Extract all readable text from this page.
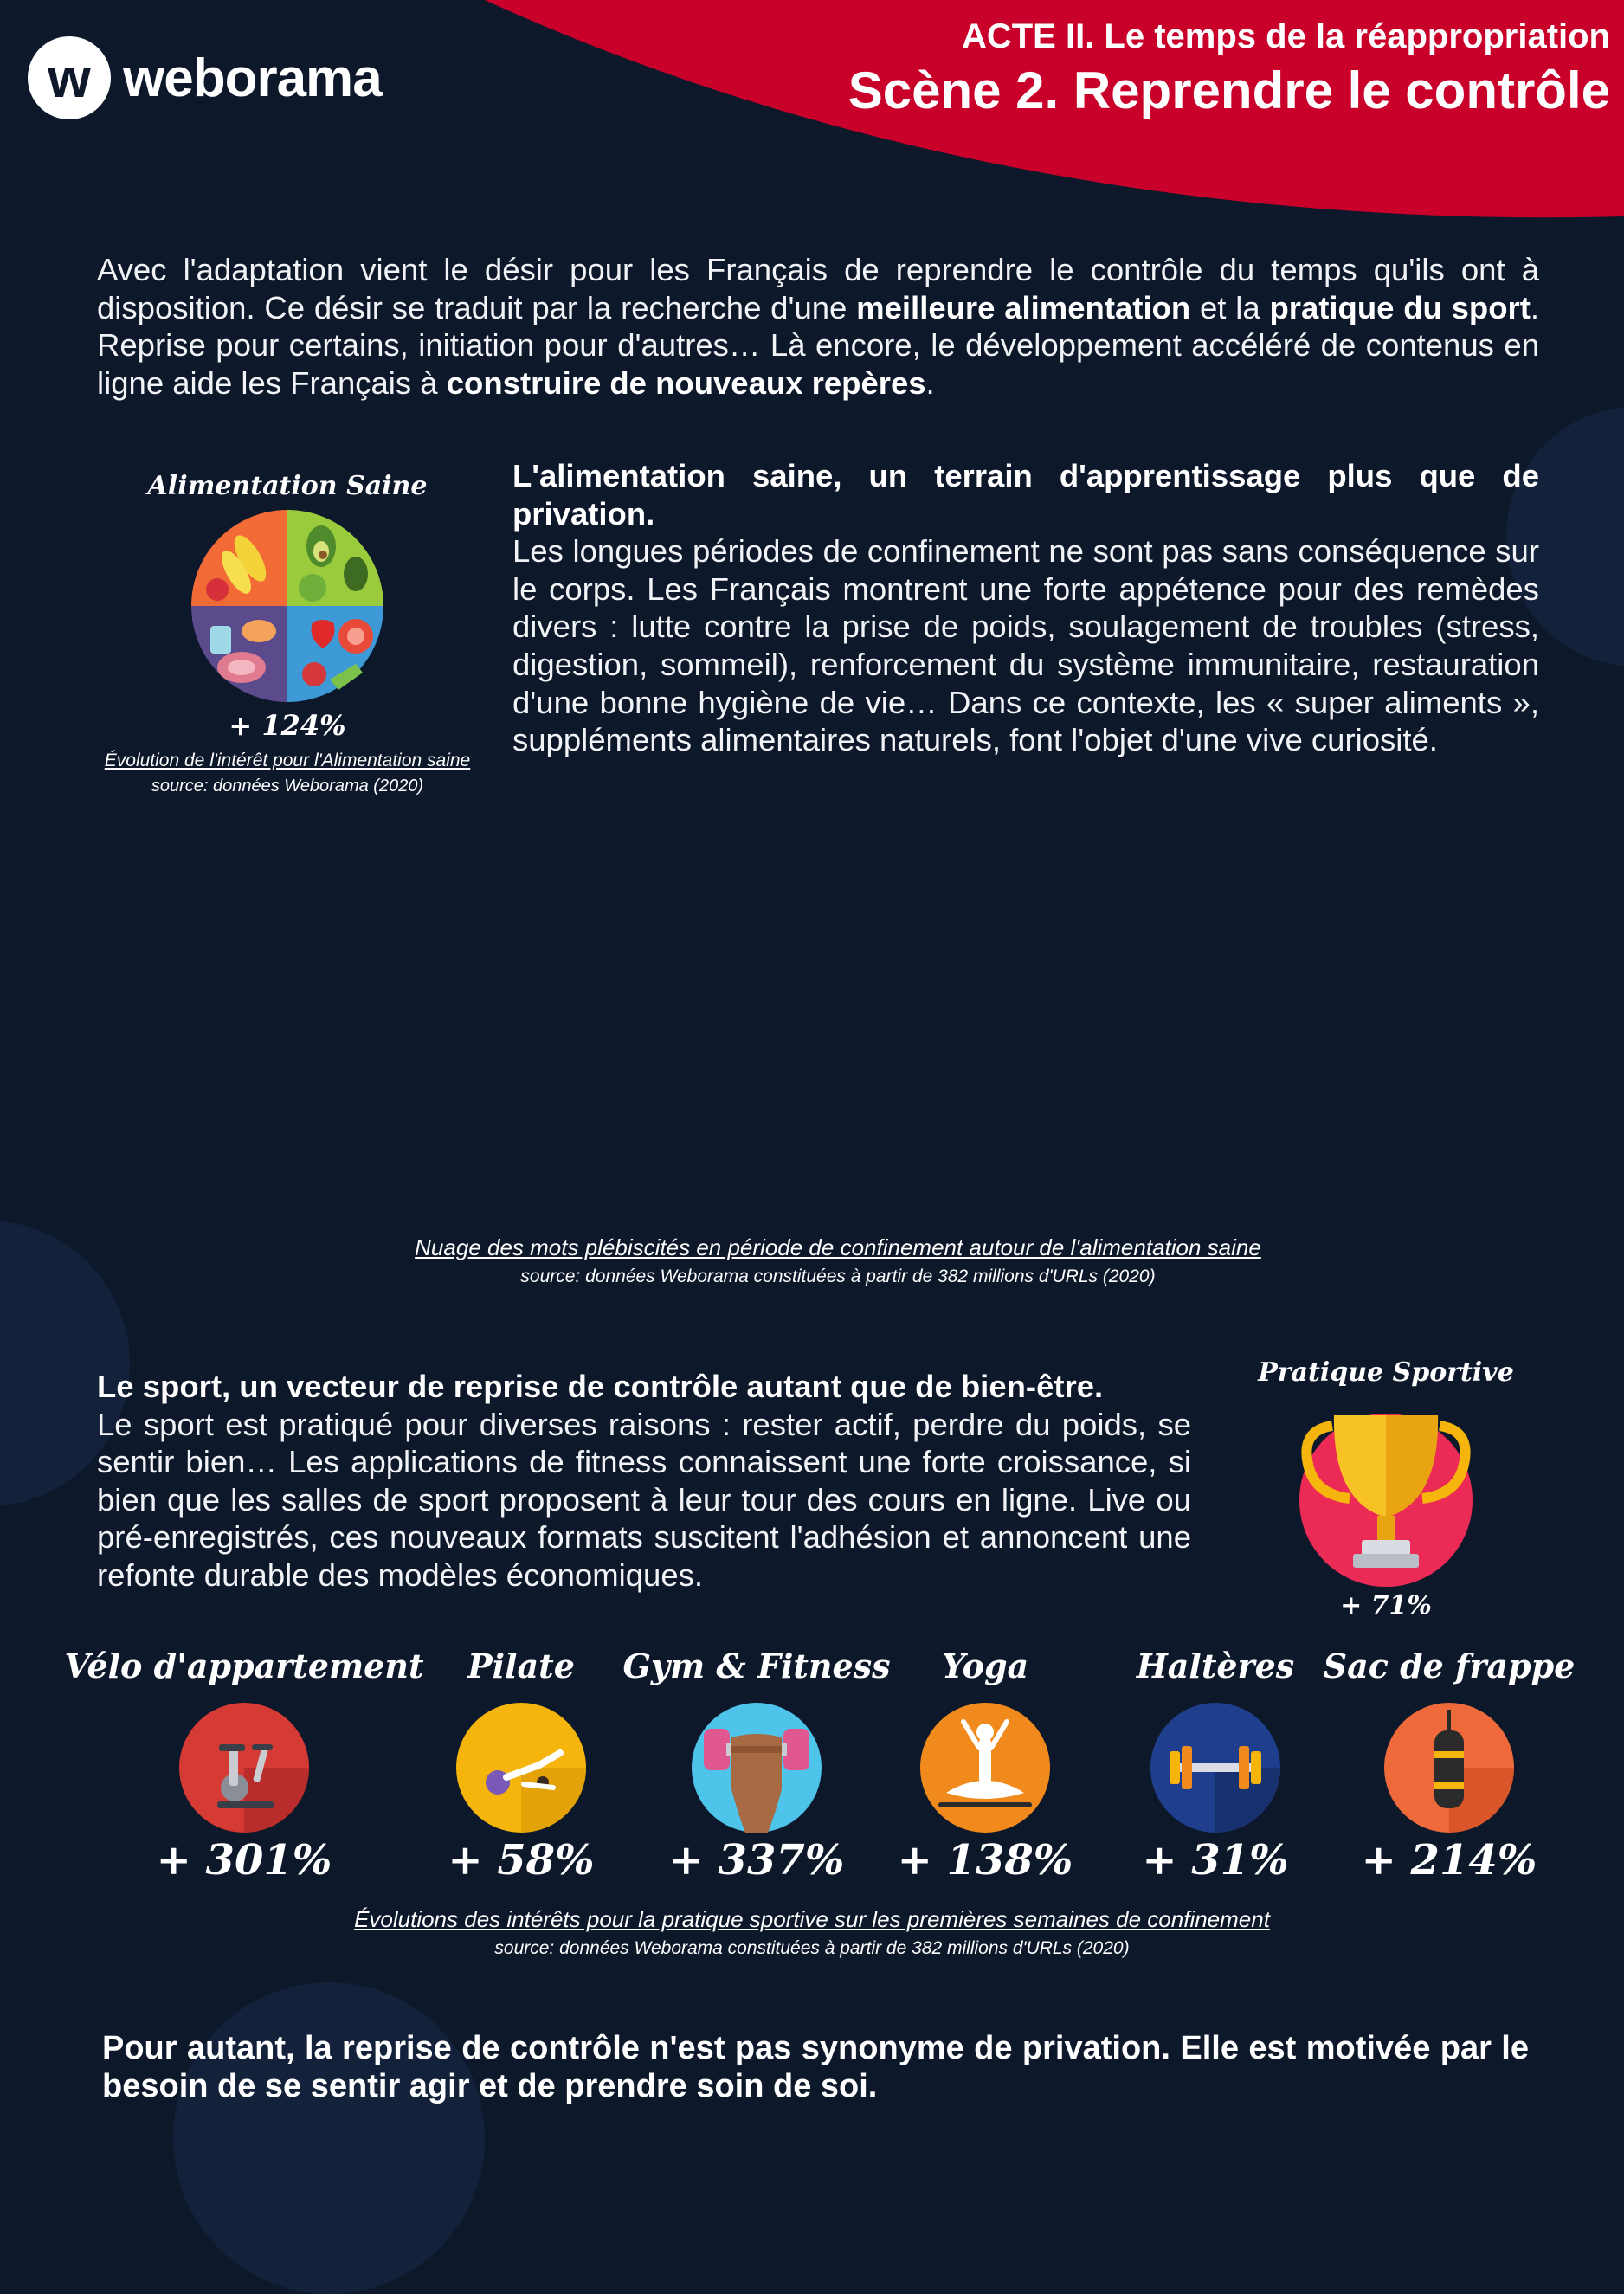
w weborama
ACTE II. Le temps de la réappropriation
Scène 2. Reprendre le contrôle
Avec l'adaptation vient le désir pour les Français de reprendre le contrôle du temps qu'ils ont à disposition. Ce désir se traduit par la recherche d'une meilleure alimentation et la pratique du sport. Reprise pour certains, initiation pour d'autres… Là encore, le développement accéléré de contenus en ligne aide les Français à construire de nouveaux repères.
Alimentation Saine
+ 124%
Évolution de l'intérêt pour l'Alimentation saine
source: données Weborama (2020)
L'alimentation saine, un terrain d'apprentissage plus que de privation.
Les longues périodes de confinement ne sont pas sans conséquence sur le corps. Les Français montrent une forte appétence pour des remèdes divers : lutte contre la prise de poids, soulagement de troubles (stress, digestion, sommeil), renforcement du système immunitaire, restauration d'une bonne hygiène de vie… Dans ce contexte, les « super aliments », suppléments alimentaires naturels, font l'objet d'une vive curiosité.
Nuage des mots plébiscités en période de confinement autour de l'alimentation saine
source: données Weborama constituées à partir de 382 millions d'URLs (2020)
Le sport, un vecteur de reprise de contrôle autant que de bien-être.
Le sport est pratiqué pour diverses raisons : rester actif, perdre du poids, se sentir bien… Les applications de fitness connaissent une forte croissance, si bien que les salles de sport proposent à leur tour des cours en ligne. Live ou pré-enregistrés, ces nouveaux formats suscitent l'adhésion et annoncent une refonte durable des modèles économiques.
Pratique Sportive
+ 71%
Vélo d'appartement
+ 301%
Pilate
+ 58%
Gym & Fitness
+ 337%
Yoga
+ 138%
Haltères
+ 31%
Sac de frappe
+ 214%
Évolutions des intérêts pour la pratique sportive sur les premières semaines de confinement
source: données Weborama constituées à partir de 382 millions d'URLs (2020)
Pour autant, la reprise de contrôle n'est pas synonyme de privation. Elle est motivée par le besoin de se sentir agir et de prendre soin de soi.
